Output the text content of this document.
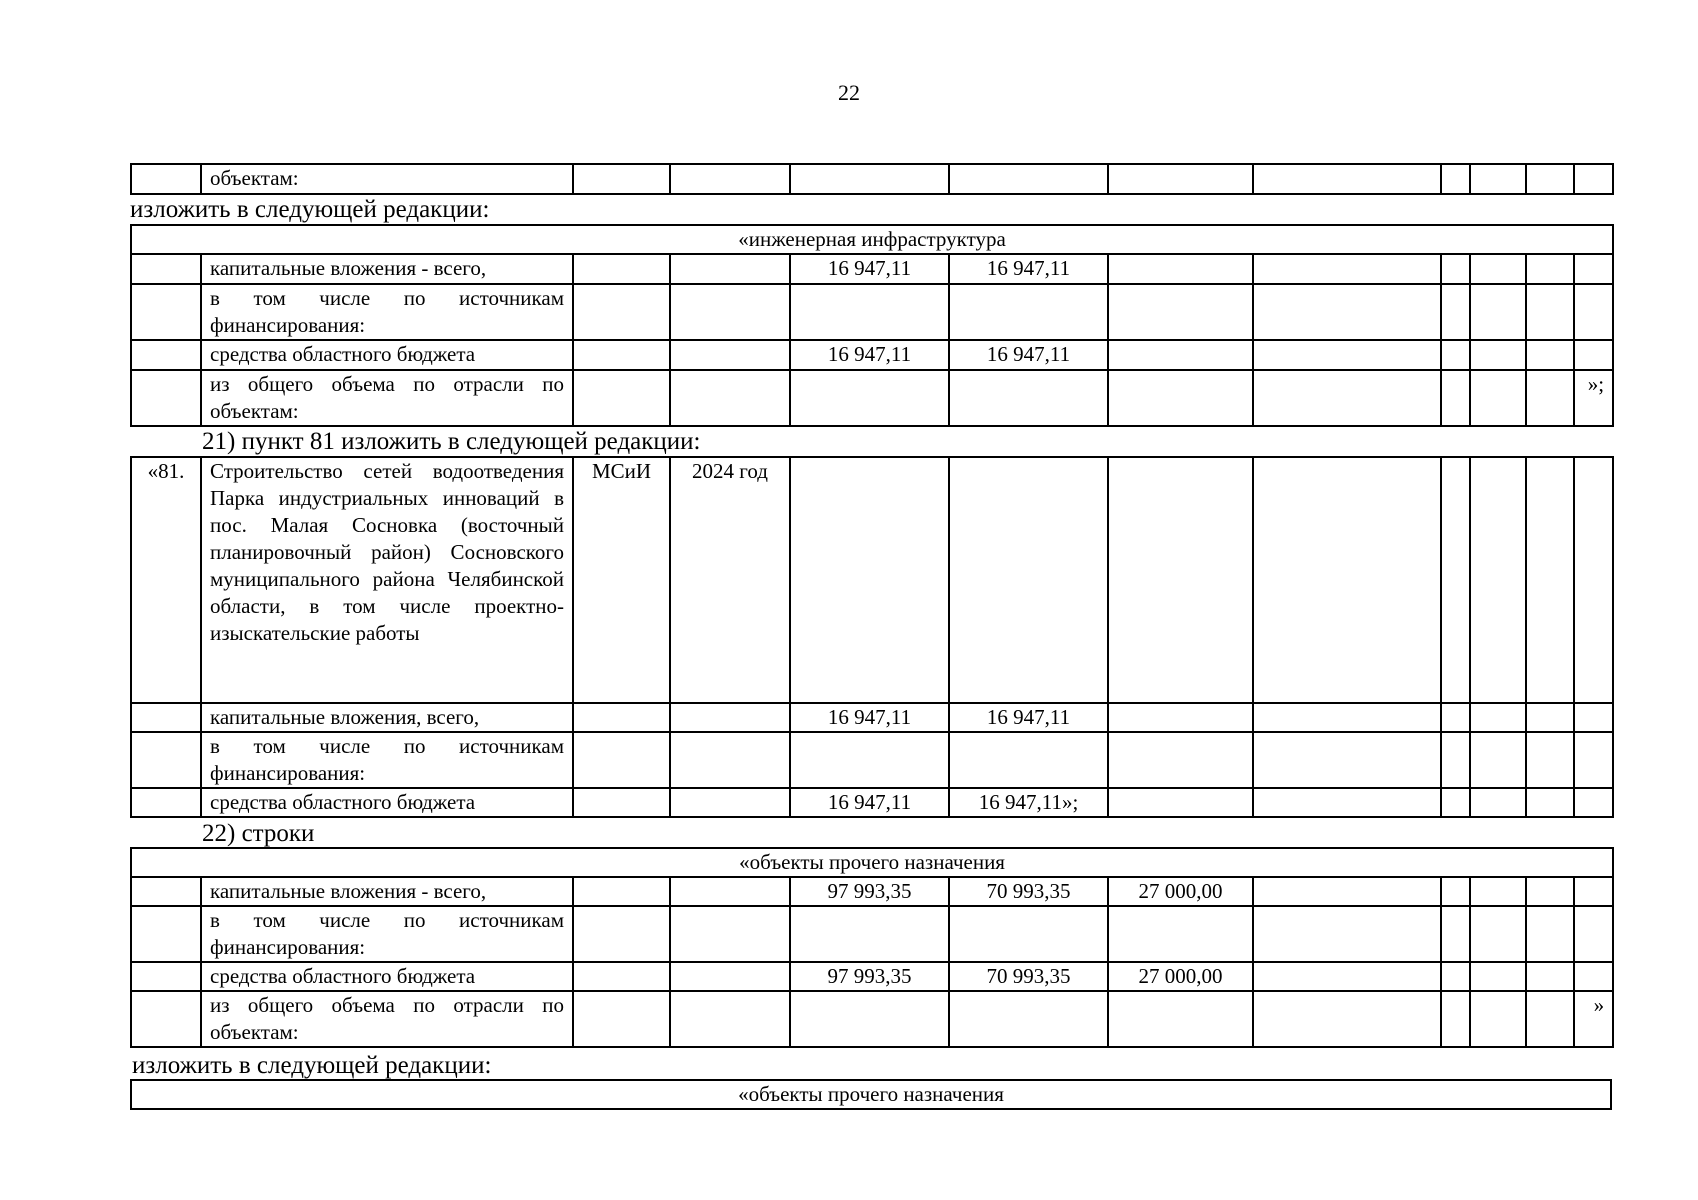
22
	объектам:										
изложить в следующей редакции:
«инженерная инфраструктура											
	капитальные вложения - всего,			16 947,11	16 947,11						
	в том числе по источникам финансирования:										
	средства областного бюджета			16 947,11	16 947,11						
	из общего объема по отрасли по объектам:										»;
21) пункт 81 изложить в следующей редакции:
«81.	Строительство сетей водоотведения Парка индустриальных инноваций в пос. Малая Сосновка (восточный планировочный район) Сосновского муниципального района Челябинской области, в том числе проектно-изыскательские работы	МСиИ	2024 год								
	капитальные вложения, всего,			16 947,11	16 947,11						
	в том числе по источникам финансирования:										
	средства областного бюджета			16 947,11	16 947,11»;						
22) строки
«объекты прочего назначения											
	капитальные вложения - всего,			97 993,35	70 993,35	27 000,00					
	в том числе по источникам финансирования:										
	средства областного бюджета			97 993,35	70 993,35	27 000,00					
	из общего объема по отрасли по объектам:										»
изложить в следующей редакции:
«объекты прочего назначения
